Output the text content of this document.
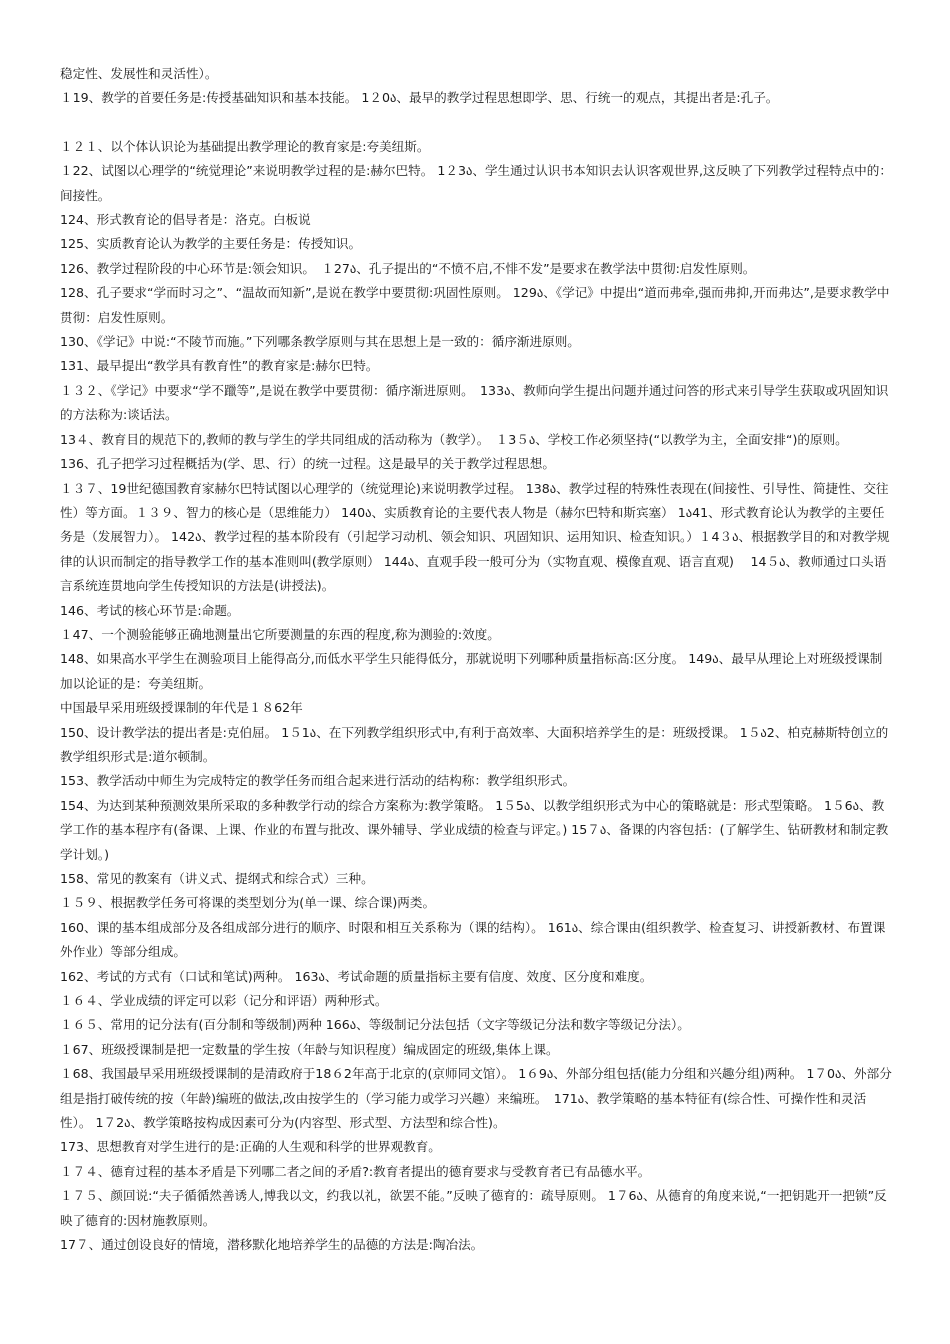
稳定性、发展性和灵活性）。

１19、教学的首要任务是:传授基础知识和基本技能。 1２0ა、最早的教学过程思想即学、思、行统一的观点，其提出者是:孔子。

１２１、以个体认识论为基础提出教学理论的教育家是:夸美纽斯。

１22、试图以心理学的“统觉理论”来说明教学过程的是:赫尔巴特。 1２3ა、学生通过认识书本知识去认识客观世界,这反映了下列教学过程特点中的：间接性。

124、形式教育论的倡导者是：洛克。白板说

125、实质教育论认为教学的主要任务是：传授知识。

126、教学过程阶段的中心环节是:领会知识。　１27ა、孔子提出的“不愤不启,不悱不发”是要求在教学法中贯彻:启发性原则。

128、孔子要求“学而时习之”、“温故而知新”,是说在教学中要贯彻:巩固性原则。 129ა、《学记》中提出“道而弗牵,强而弗抑,开而弗达”,是要求教学中贯彻：启发性原则。

130、《学记》中说:“不陵节而施。”下列哪条教学原则与其在思想上是一致的：循序渐进原则。

131、最早提出“教学具有教育性”的教育家是:赫尔巴特。

１３２、《学记》中要求“学不躐等”,是说在教学中要贯彻：循序渐进原则。　133ა、教师向学生提出问题并通过问答的形式来引导学生获取或巩固知识的方法称为:谈话法。

13４、教育目的规范下的,教师的教与学生的学共同组成的活动称为（教学）。　１3５ა、学校工作必须坚持(“以教学为主，全面安排“)的原则。

136、孔子把学习过程概括为(学、思、行）的统一过程。这是最早的关于教学过程思想。

１３７、19世纪德国教育家赫尔巴特试图以心理学的（统觉理论)来说明教学过程。 138ა、教学过程的特殊性表现在(间接性、引导性、简捷性、交往性）等方面。１３９、智力的核心是（思维能力） 140ა、实质教育论的主要代表人物是（赫尔巴特和斯宾塞） 1ა41、形式教育论认为教学的主要任务是（发展智力）。 142ა、教学过程的基本阶段有（引起学习动机、领会知识、巩固知识、运用知识、检查知识。）１4３ა、根据教学目的和对教学规律的认识而制定的指导教学工作的基本准则叫(教学原则） 144ა、直观手段一般可分为（实物直观、模像直观、语言直观) 　14５ა、教师通过口头语言系统连贯地向学生传授知识的方法是(讲授法)。

146、考试的核心环节是:命题。

１47、一个测验能够正确地测量出它所要测量的东西的程度,称为测验的:效度。

148、如果高水平学生在测验项目上能得高分,而低水平学生只能得低分，那就说明下列哪种质量指标高:区分度。 149ა、最早从理论上对班级授课制加以论证的是：夸美纽斯。

中国最早采用班级授课制的年代是１８62年

150、设计教学法的提出者是:克伯屈。 1５1ა、在下列教学组织形式中,有利于高效率、大面积培养学生的是：班级授课。 1５ა2、柏克赫斯特创立的教学组织形式是:道尔顿制。

153、教学活动中师生为完成特定的教学任务而组合起来进行活动的结构称：教学组织形式。

154、为达到某种预测效果所采取的多种教学行动的综合方案称为:教学策略。 1５5ა、以教学组织形式为中心的策略就是：形式型策略。 1５6ა、教学工作的基本程序有(备课、上课、作业的布置与批改、课外辅导、学业成绩的检查与评定。) 15７ა、备课的内容包括：(了解学生、钻研教材和制定教学计划。)

158、常见的教案有（讲义式、提纲式和综合式）三种。

１５９、根据教学任务可将课的类型划分为(单一课、综合课)两类。

160、课的基本组成部分及各组成部分进行的顺序、时限和相互关系称为（课的结构）。 161ა、综合课由(组织教学、检查复习、讲授新教材、布置课外作业）等部分组成。

162、考试的方式有（口试和笔试)两种。 163ა、考试命题的质量指标主要有信度、效度、区分度和难度。

１６４、学业成绩的评定可以彩（记分和评语）两种形式。

１６５、常用的记分法有(百分制和等级制)两种 166ა、等级制记分法包括（文字等级记分法和数字等级记分法）。

１67、班级授课制是把一定数量的学生按（年龄与知识程度）编成固定的班级,集体上课。

１68、我国最早采用班级授课制的是清政府于18６2年高于北京的(京师同文馆）。 1６9ა、外部分组包括(能力分组和兴趣分组)两种。 1７0ა、外部分组是指打破传统的按（年龄)编班的做法,改由按学生的（学习能力或学习兴趣）来编班。　171ა、教学策略的基本特征有(综合性、可操作性和灵活性）。 1７2ა、教学策略按构成因素可分为(内容型、形式型、方法型和综合性)。

173、思想教育对学生进行的是:正确的人生观和科学的世界观教育。

１７４、德育过程的基本矛盾是下列哪二者之间的矛盾?:教育者提出的德育要求与受教育者已有品德水平。

１７５、颜回说:“夫子循循然善诱人,博我以文，约我以礼，欲罢不能。”反映了德育的：疏导原则。 1７6ა、从德育的角度来说,“一把钥匙开一把锁”反映了德育的:因材施教原则。

17７、通过创设良好的情境，潜移默化地培养学生的品德的方法是:陶冶法。
